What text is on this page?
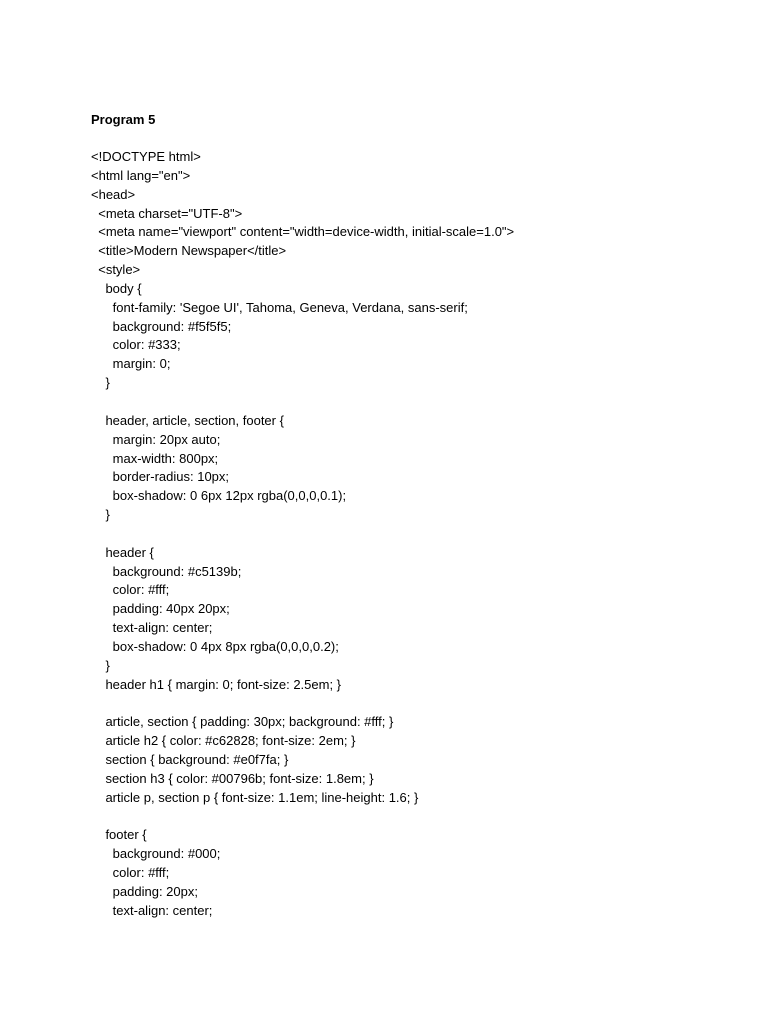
Program 5
<!DOCTYPE html>
<html lang="en">
<head>
<meta charset="UTF-8">
<meta name="viewport" content="width=device-width, initial-scale=1.0">
<title>Modern Newspaper</title>
<style>
body {
font-family: 'Segoe UI', Tahoma, Geneva, Verdana, sans-serif;
background: #f5f5f5;
color: #333;
margin: 0;
}
header, article, section, footer {
margin: 20px auto;
max-width: 800px;
border-radius: 10px;
box-shadow: 0 6px 12px rgba(0,0,0,0.1);
}
header {
background: #c5139b;
color: #fff;
padding: 40px 20px;
text-align: center;
box-shadow: 0 4px 8px rgba(0,0,0,0.2);
}
header h1 { margin: 0; font-size: 2.5em; }
article, section { padding: 30px; background: #fff; }
article h2 { color: #c62828; font-size: 2em; }
section { background: #e0f7fa; }
section h3 { color: #00796b; font-size: 1.8em; }
article p, section p { font-size: 1.1em; line-height: 1.6; }
footer {
background: #000;
color: #fff;
padding: 20px;
text-align: center;
